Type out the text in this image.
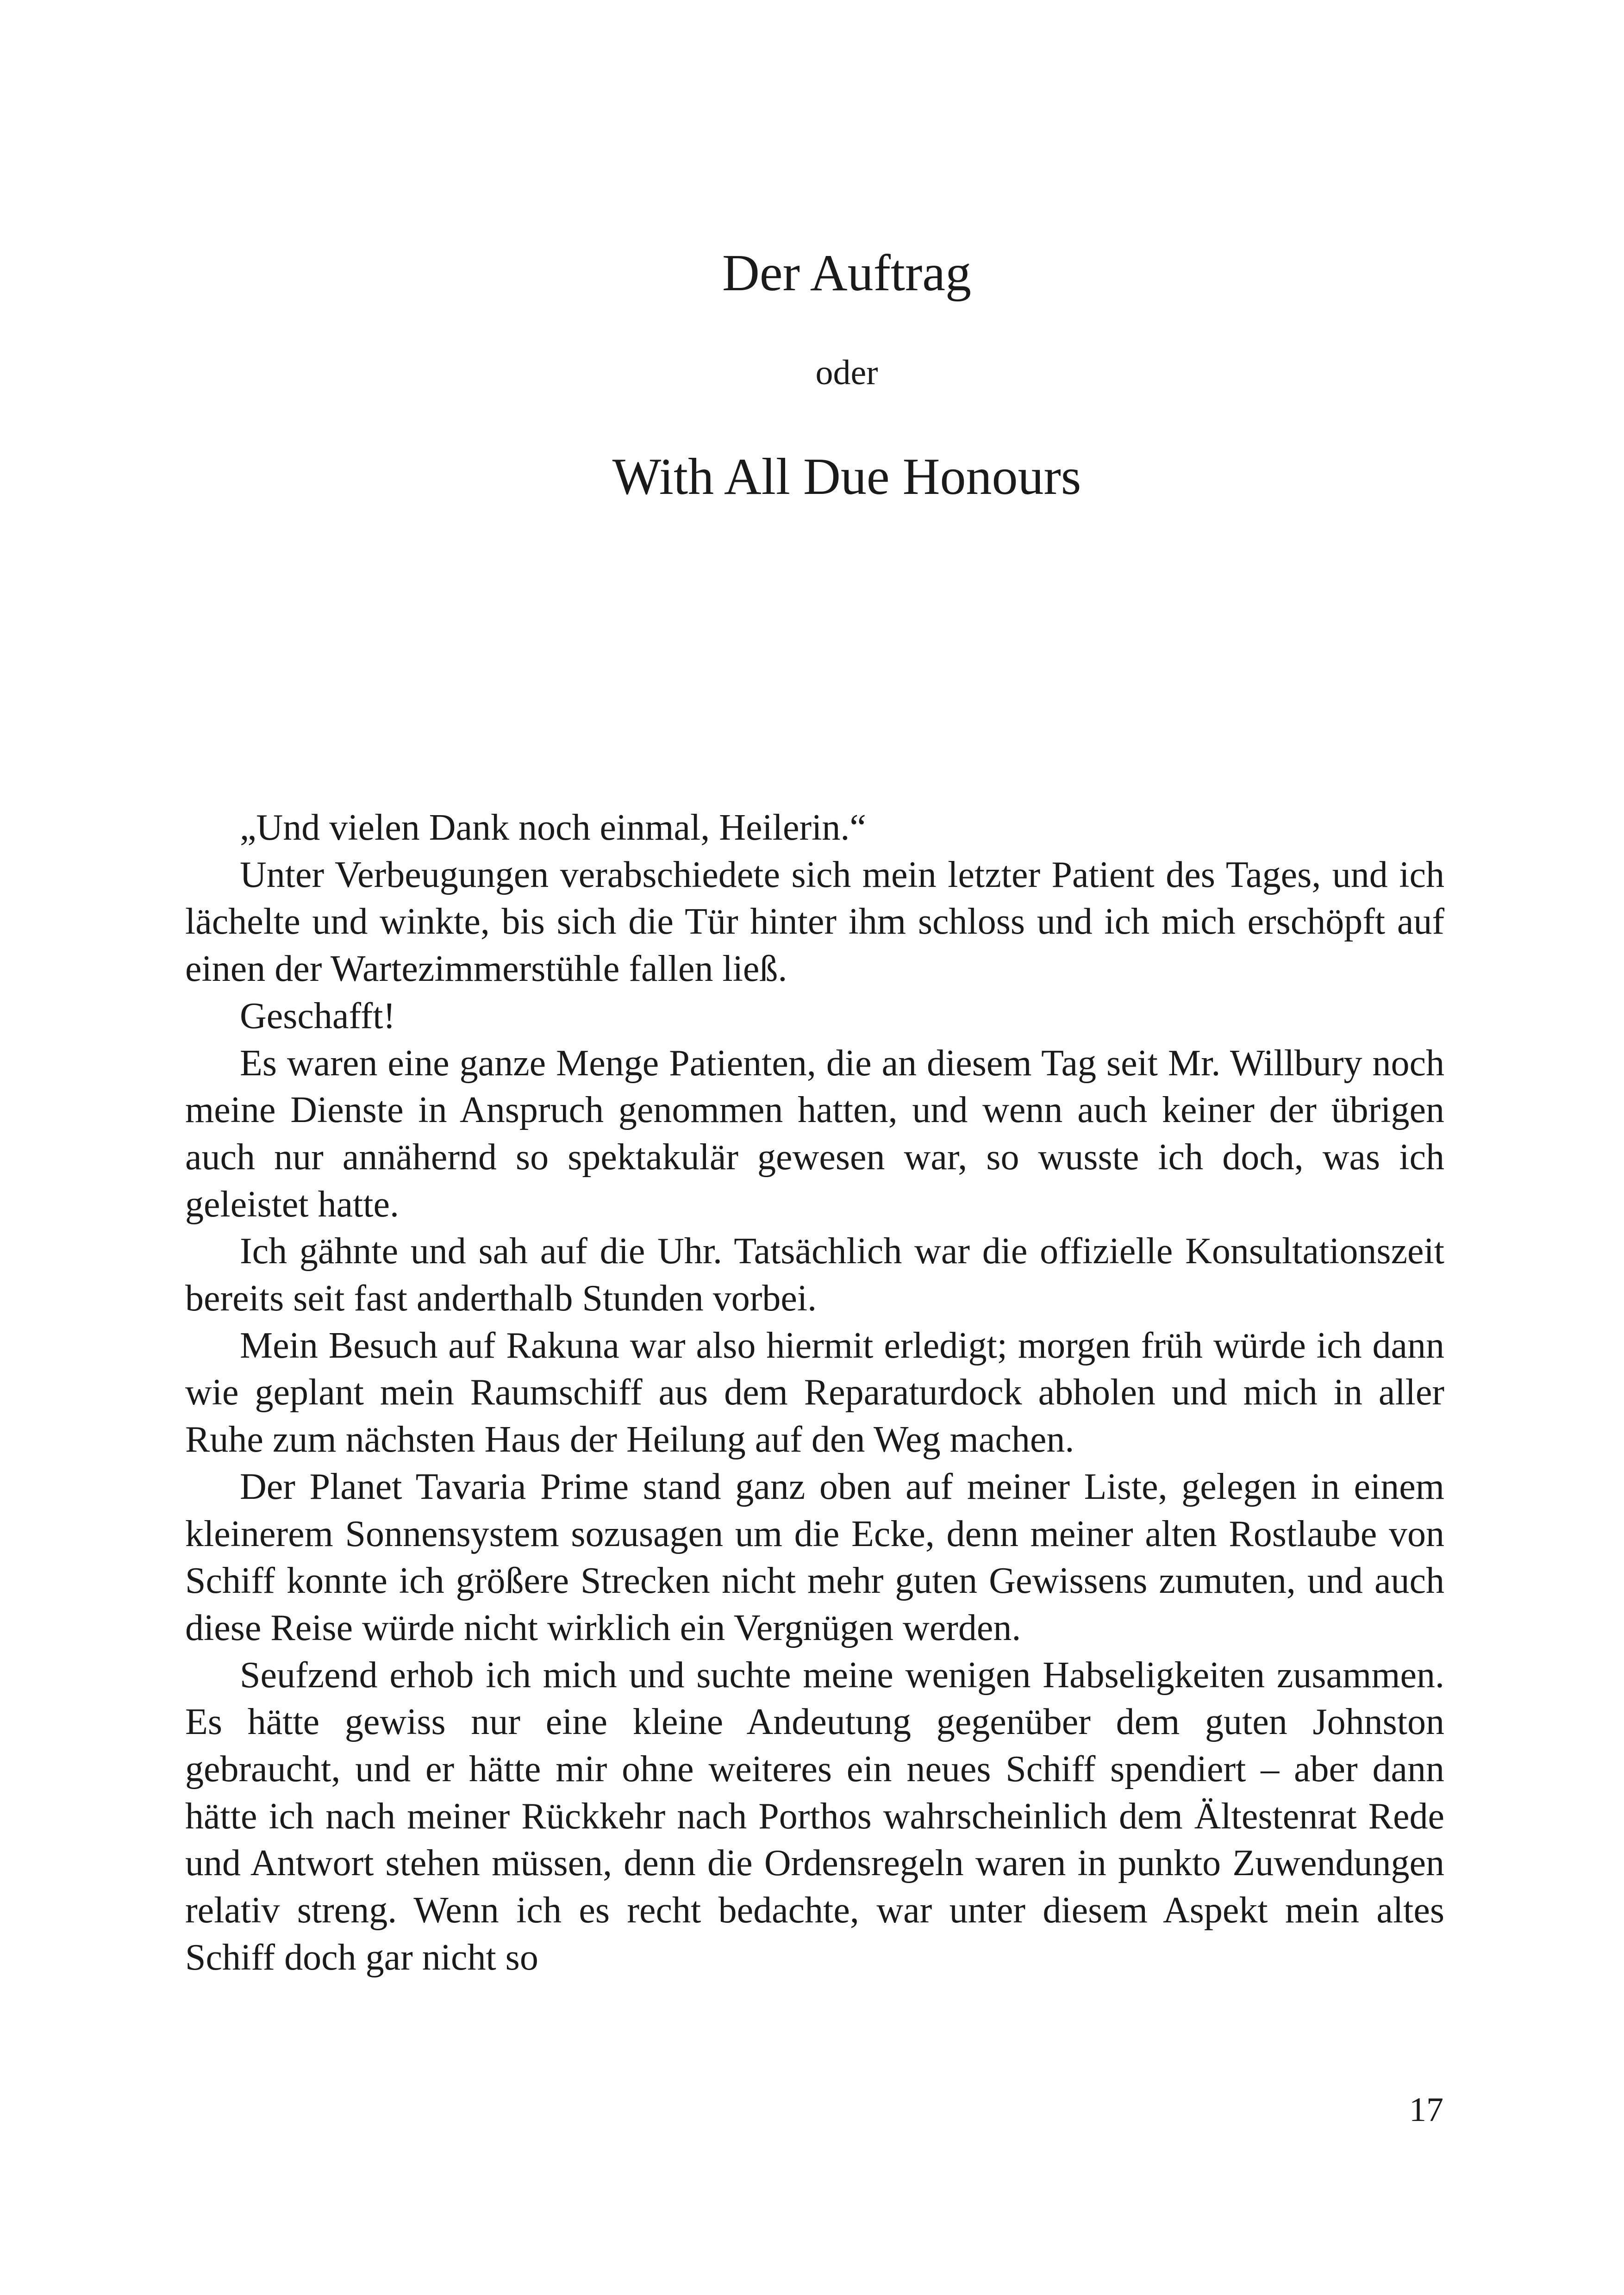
Der Auftrag
oder
With All Due Honours

„Und vielen Dank noch einmal, Heilerin.“

Unter Verbeugungen verabschiedete sich mein letzter Patient des Tages, und ich lächelte und winkte, bis sich die Tür hinter ihm schloss und ich mich erschöpft auf einen der Wartezimmerstühle fallen ließ.

Geschafft!

Es waren eine ganze Menge Patienten, die an diesem Tag seit Mr. Willbury noch meine Dienste in Anspruch genommen hatten, und wenn auch keiner der übrigen auch nur annähernd so spektakulär gewesen war, so wusste ich doch, was ich geleistet hatte.

Ich gähnte und sah auf die Uhr. Tatsächlich war die offizielle Konsultationszeit bereits seit fast anderthalb Stunden vorbei.

Mein Besuch auf Rakuna war also hiermit erledigt; morgen früh würde ich dann wie geplant mein Raumschiff aus dem Reparaturdock abholen und mich in aller Ruhe zum nächsten Haus der Heilung auf den Weg machen.

Der Planet Tavaria Prime stand ganz oben auf meiner Liste, gelegen in einem kleinerem Sonnensystem sozusagen um die Ecke, denn meiner alten Rostlaube von Schiff konnte ich größere Strecken nicht mehr guten Gewissens zumuten, und auch diese Reise würde nicht wirklich ein Vergnügen werden.

Seufzend erhob ich mich und suchte meine wenigen Habseligkeiten zusammen. Es hätte gewiss nur eine kleine Andeutung gegenüber dem guten Johnston gebraucht, und er hätte mir ohne weiteres ein neues Schiff spendiert – aber dann hätte ich nach meiner Rückkehr nach Porthos wahrscheinlich dem Ältestenrat Rede und Antwort stehen müssen, denn die Ordensregeln waren in punkto Zuwendungen relativ streng. Wenn ich es recht bedachte, war unter diesem Aspekt mein altes Schiff doch gar nicht so

17
